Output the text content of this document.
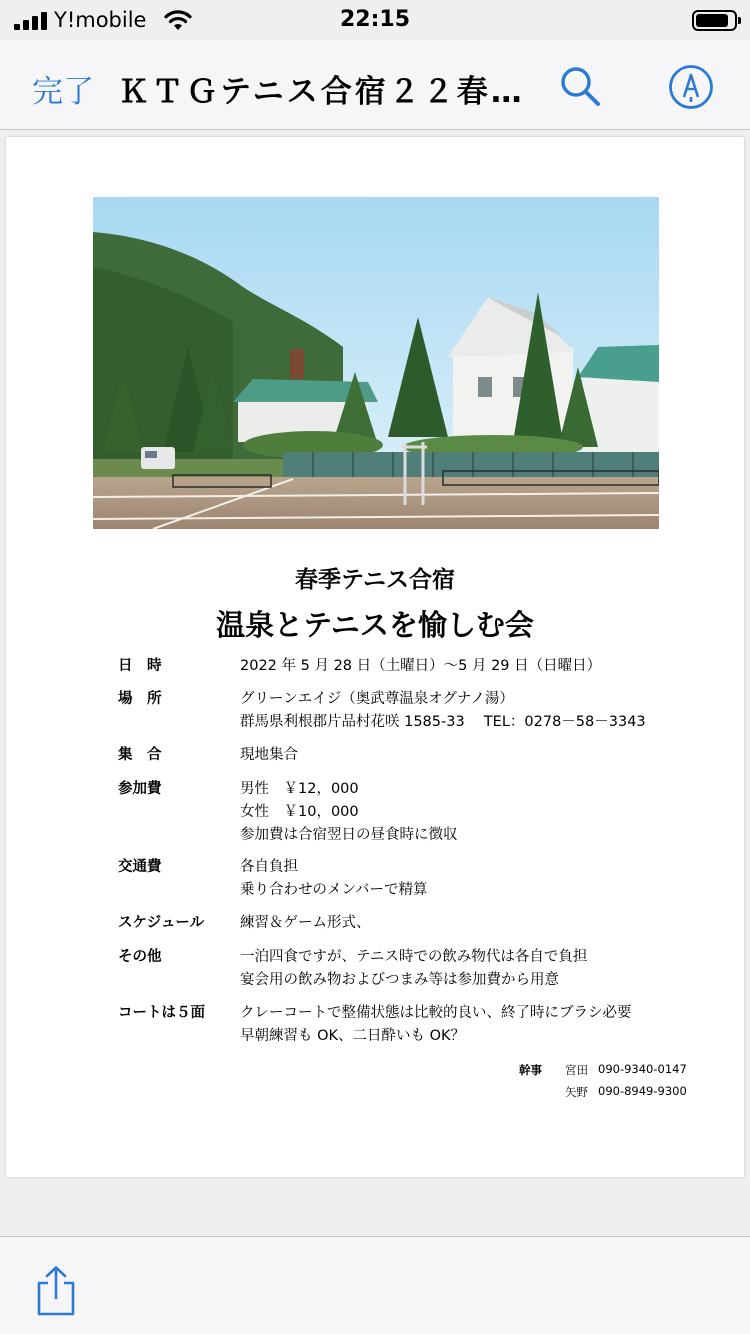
Y!mobile	22:15
完了 ＫＴＧテニス合宿２２春…
春季テニス合宿
温泉とテニスを愉しむ会
日　時	2022 年 5 月 28 日（土曜日）～5 月 29 日（日曜日）
場　所	グリーンエイジ（奥武尊温泉オグナノ湯）
群馬県利根郡片品村花咲 1585-33　 TEL：0278－58－3343
集　合	現地集合
参加費	男性　￥12，000
女性　￥10，000
参加費は合宿翌日の昼食時に徴収
交通費	各自負担
乗り合わせのメンバーで精算
スケジュール 練習＆ゲーム形式、
その他	一泊四食ですが、テニス時での飲み物代は各自で負担
宴会用の飲み物およびつまみ等は参加費から用意
コートは５面 クレーコートで整備状態は比較的良い、終了時にブラシ必要
早朝練習も OK、二日酔いも OK？
幹事 宮田 090-9340-0147
矢野 090-8949-9300
